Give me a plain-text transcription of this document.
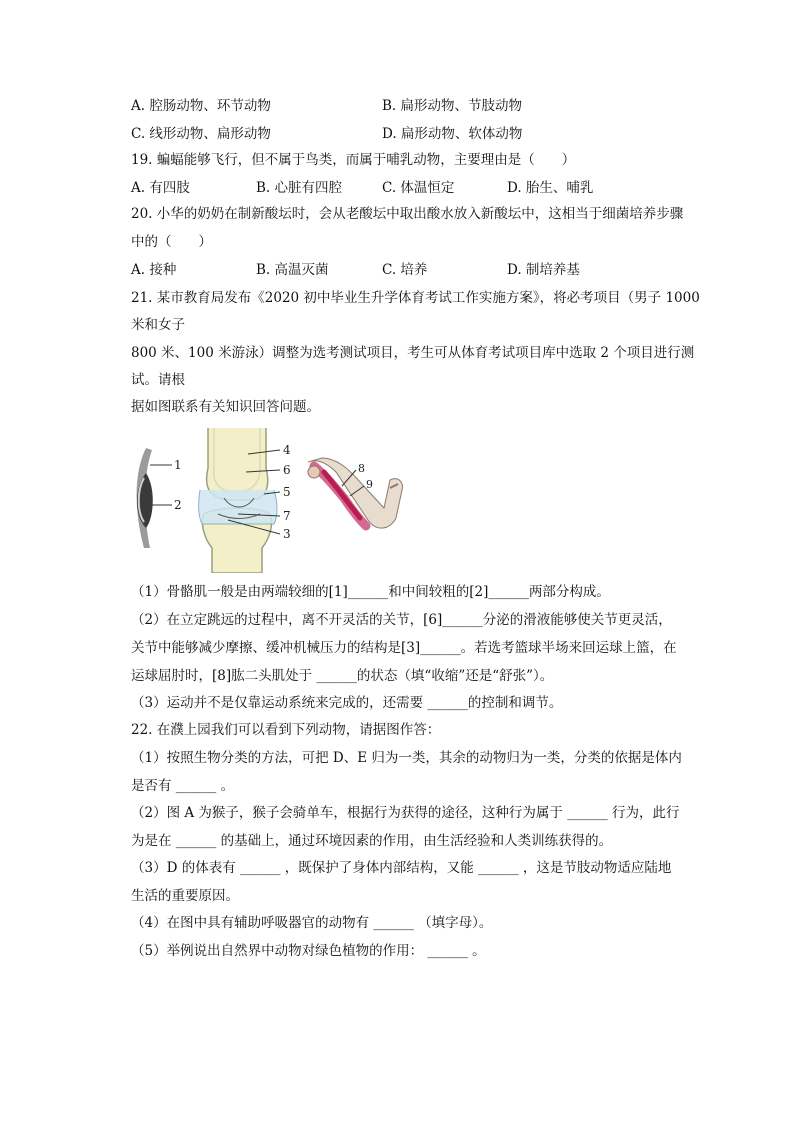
A. 腔肠动物、环节动物	B. 扁形动物、节肢动物
C. 线形动物、扁形动物	D. 扁形动物、软体动物
19. 蝙蝠能够飞行，但不属于鸟类，而属于哺乳动物，主要理由是（　　）
A. 有四肢	B. 心脏有四腔	C. 体温恒定	D. 胎生、哺乳
20. 小华的奶奶在制新酸坛时，会从老酸坛中取出酸水放入新酸坛中，这相当于细菌培养步骤
中的（　　）
A. 接种	B. 高温灭菌	C. 培养	D. 制培养基
21. 某市教育局发布《2020 初中毕业生升学体育考试工作实施方案》，将必考项目（男子 1000
米和女子
800 米、100 米游泳）调整为选考测试项目，考生可从体育考试项目库中选取 2 个项目进行测
试。请根
据如图联系有关知识回答问题。
1
2
4
6
5
7
3
8
9
（1）骨骼肌一般是由两端较细的[1]______和中间较粗的[2]______两部分构成。
（2）在立定跳远的过程中，离不开灵活的关节，[6]______分泌的滑液能够使关节更灵活，
关节中能够减少摩擦、缓冲机械压力的结构是[3]______。若选考篮球半场来回运球上篮，在
运球屈肘时，[8]肱二头肌处于 ______的状态（填“收缩”还是“舒张”）。
（3）运动并不是仅靠运动系统来完成的，还需要 ______的控制和调节。
22. 在濮上园我们可以看到下列动物，请据图作答：
（1）按照生物分类的方法，可把 D、E 归为一类，其余的动物归为一类，分类的依据是体内
是否有 ______ 。
（2）图 A 为猴子，猴子会骑单车，根据行为获得的途径，这种行为属于 ______ 行为，此行
为是在 ______ 的基础上，通过环境因素的作用，由生活经验和人类训练获得的。
（3）D 的体表有 ______ ，既保护了身体内部结构，又能 ______ ，这是节肢动物适应陆地
生活的重要原因。
（4）在图中具有辅助呼吸器官的动物有 ______ （填字母）。
（5）举例说出自然界中动物对绿色植物的作用： ______ 。
